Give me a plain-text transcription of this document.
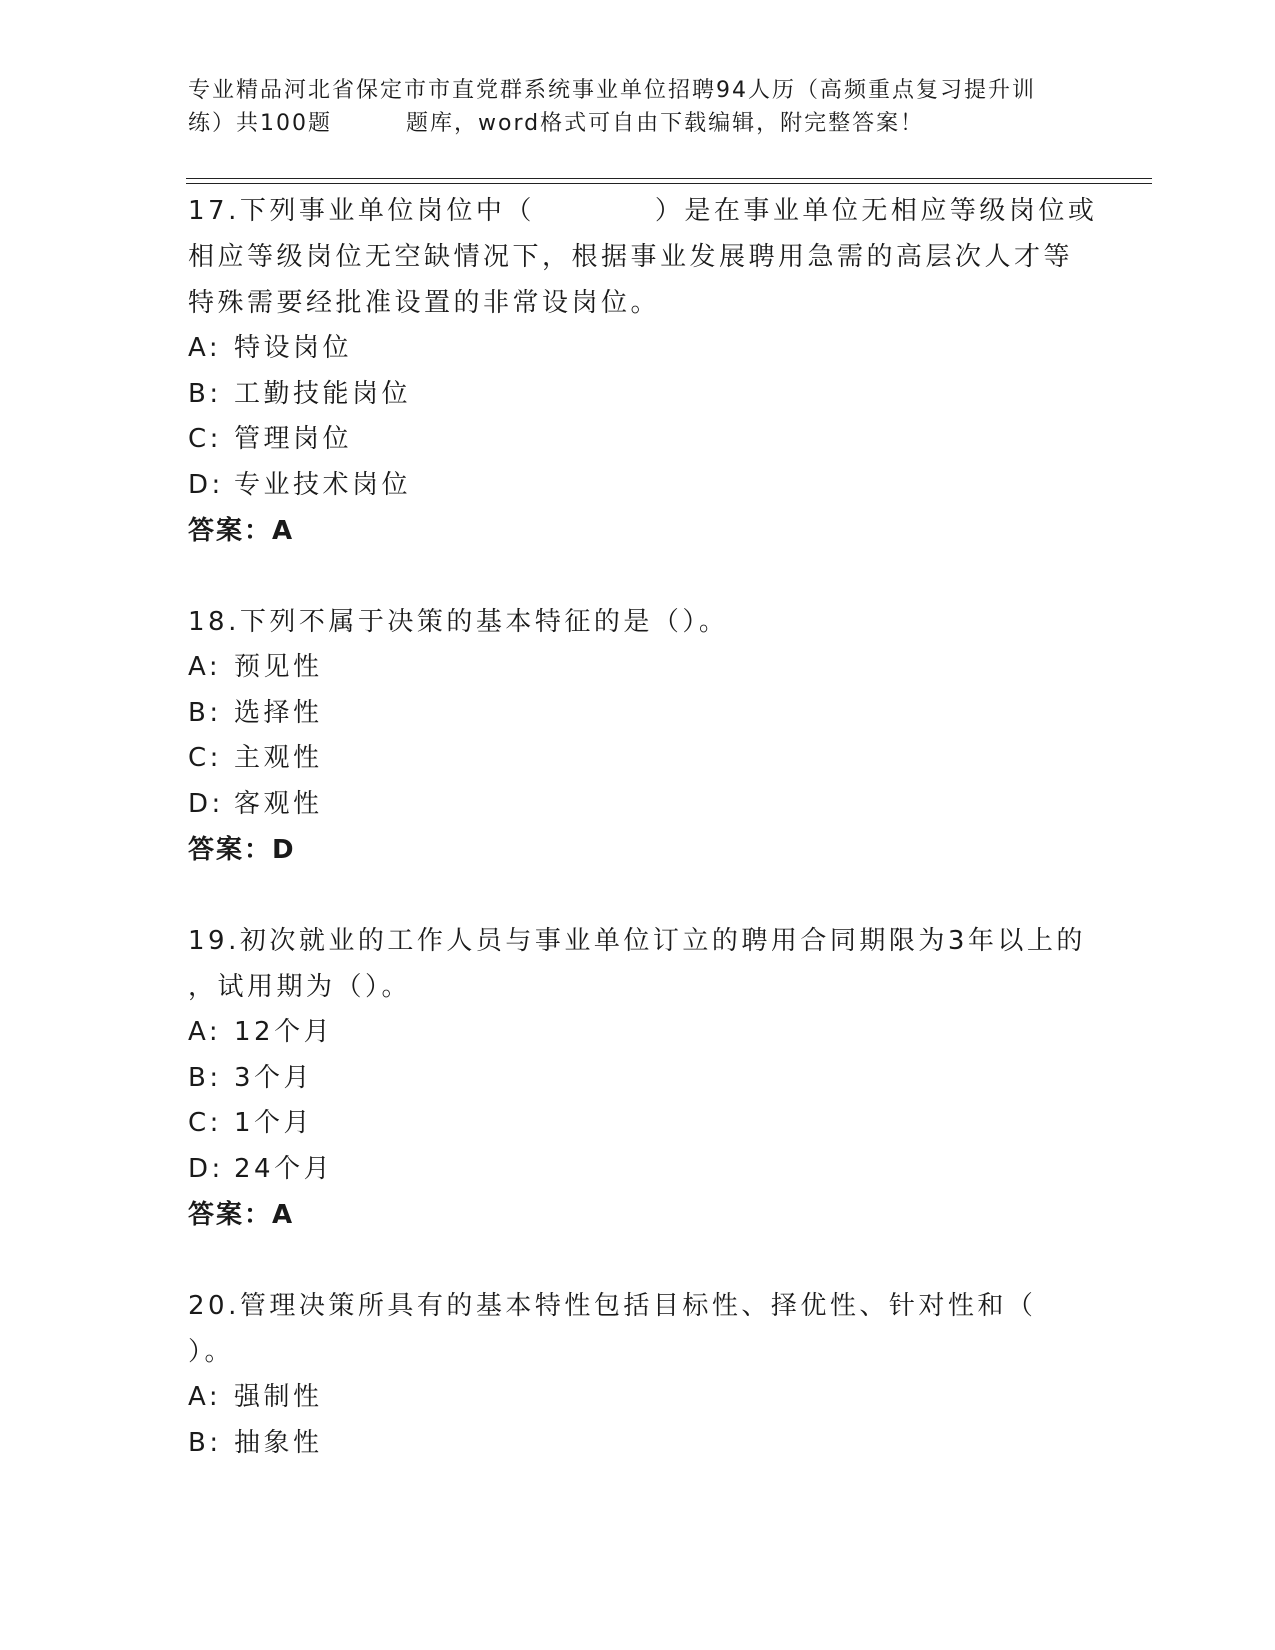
专业精品河北省保定市市直党群系统事业单位招聘94人历（高频重点复习提升训
练）共100题	题库，word格式可自由下载编辑，附完整答案！
17.下列事业单位岗位中（	）是在事业单位无相应等级岗位或
相应等级岗位无空缺情况下，根据事业发展聘用急需的高层次人才等
特殊需要经批准设置的非常设岗位。
A: 特设岗位
B: 工勤技能岗位
C: 管理岗位
D: 专业技术岗位
答案：A
18.下列不属于决策的基本特征的是（）。
A: 预见性
B: 选择性
C: 主观性
D: 客观性
答案：D
19.初次就业的工作人员与事业单位订立的聘用合同期限为3年以上的
，试用期为（）。
A: 12个月
B: 3个月
C: 1个月
D: 24个月
答案：A
20.管理决策所具有的基本特性包括目标性、择优性、针对性和（
）。
A: 强制性
B: 抽象性
